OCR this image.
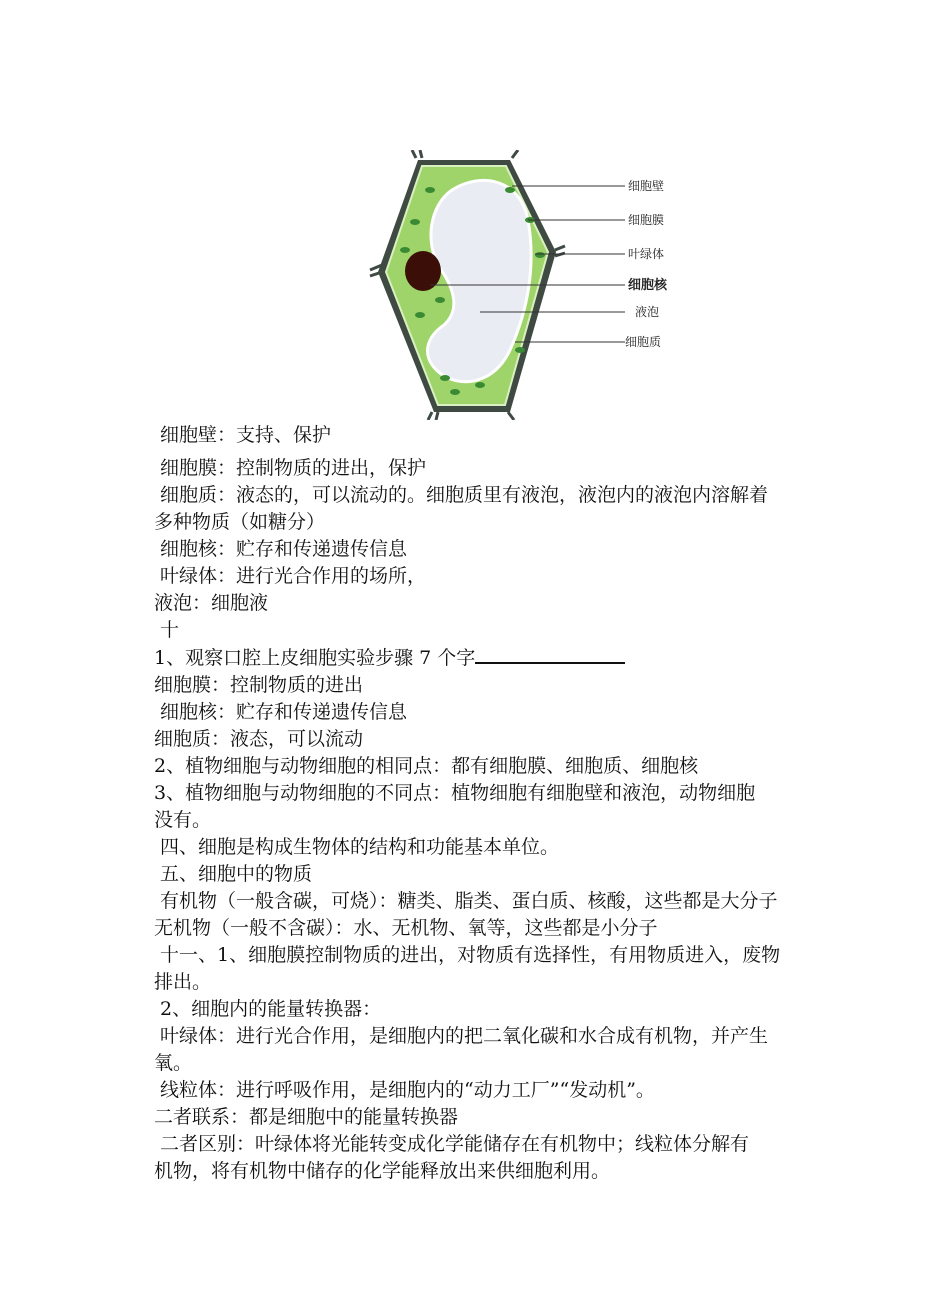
细胞壁
细胞膜
叶绿体
细胞核
液泡
细胞质
细胞壁：支持、保护
细胞膜：控制物质的进出，保护
细胞质：液态的，可以流动的。细胞质里有液泡，液泡内的液泡内溶解着
多种物质（如糖分）
细胞核：贮存和传递遗传信息
叶绿体：进行光合作用的场所，
液泡：细胞液
十
1、观察口腔上皮细胞实验步骤 7 个字
细胞膜：控制物质的进出
细胞核：贮存和传递遗传信息
细胞质：液态，可以流动
2、植物细胞与动物细胞的相同点：都有细胞膜、细胞质、细胞核
3、植物细胞与动物细胞的不同点：植物细胞有细胞壁和液泡，动物细胞
没有。
四、细胞是构成生物体的结构和功能基本单位。
五、细胞中的物质
有机物（一般含碳，可烧）：糖类、脂类、蛋白质、核酸，这些都是大分子
无机物（一般不含碳）：水、无机物、氧等，这些都是小分子
十一、1、细胞膜控制物质的进出，对物质有选择性，有用物质进入，废物
排出。
2、细胞内的能量转换器：
叶绿体：进行光合作用，是细胞内的把二氧化碳和水合成有机物，并产生
氧。
线粒体：进行呼吸作用，是细胞内的“动力工厂”“发动机”。
二者联系：都是细胞中的能量转换器
二者区别：叶绿体将光能转变成化学能储存在有机物中；线粒体分解有
机物，将有机物中储存的化学能释放出来供细胞利用。
